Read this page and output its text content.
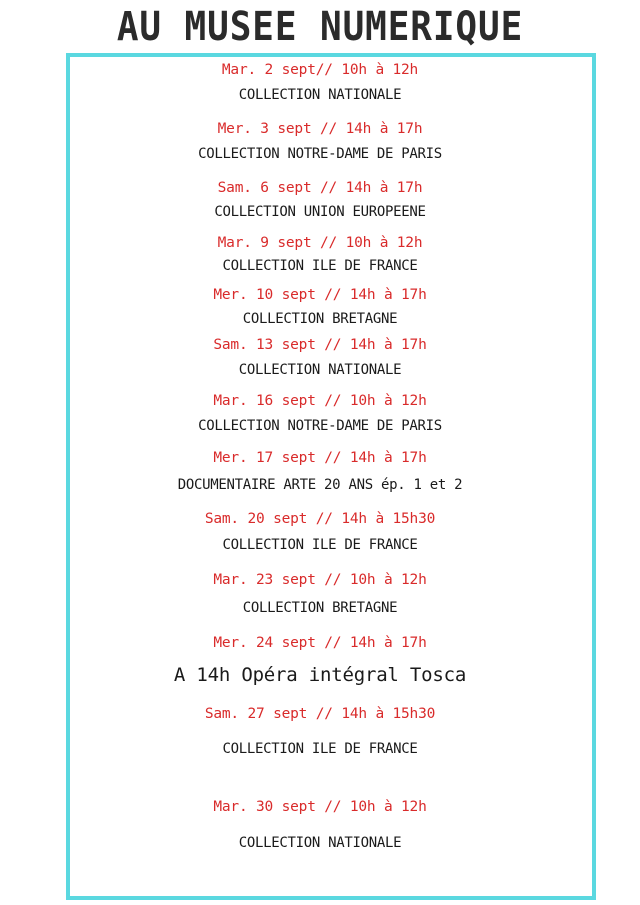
AU MUSEE NUMERIQUE
Mar. 2 sept// 10h à 12h
COLLECTION NATIONALE
Mer. 3 sept // 14h à 17h
COLLECTION NOTRE-DAME DE PARIS
Sam. 6 sept // 14h à 17h
COLLECTION UNION EUROPEENE
Mar. 9 sept // 10h à 12h
COLLECTION ILE DE FRANCE
Mer. 10 sept // 14h à 17h
COLLECTION BRETAGNE
Sam. 13 sept // 14h à 17h
COLLECTION NATIONALE
Mar. 16 sept // 10h à 12h
COLLECTION NOTRE-DAME DE PARIS
Mer. 17 sept // 14h à 17h
DOCUMENTAIRE ARTE 20 ANS ép. 1 et 2
Sam. 20 sept // 14h à 15h30
COLLECTION ILE DE FRANCE
Mar. 23 sept // 10h à 12h
COLLECTION BRETAGNE
Mer. 24 sept // 14h à 17h
A 14h Opéra intégral Tosca
Sam. 27 sept // 14h à 15h30
COLLECTION ILE DE FRANCE
Mar. 30 sept // 10h à 12h
COLLECTION NATIONALE
